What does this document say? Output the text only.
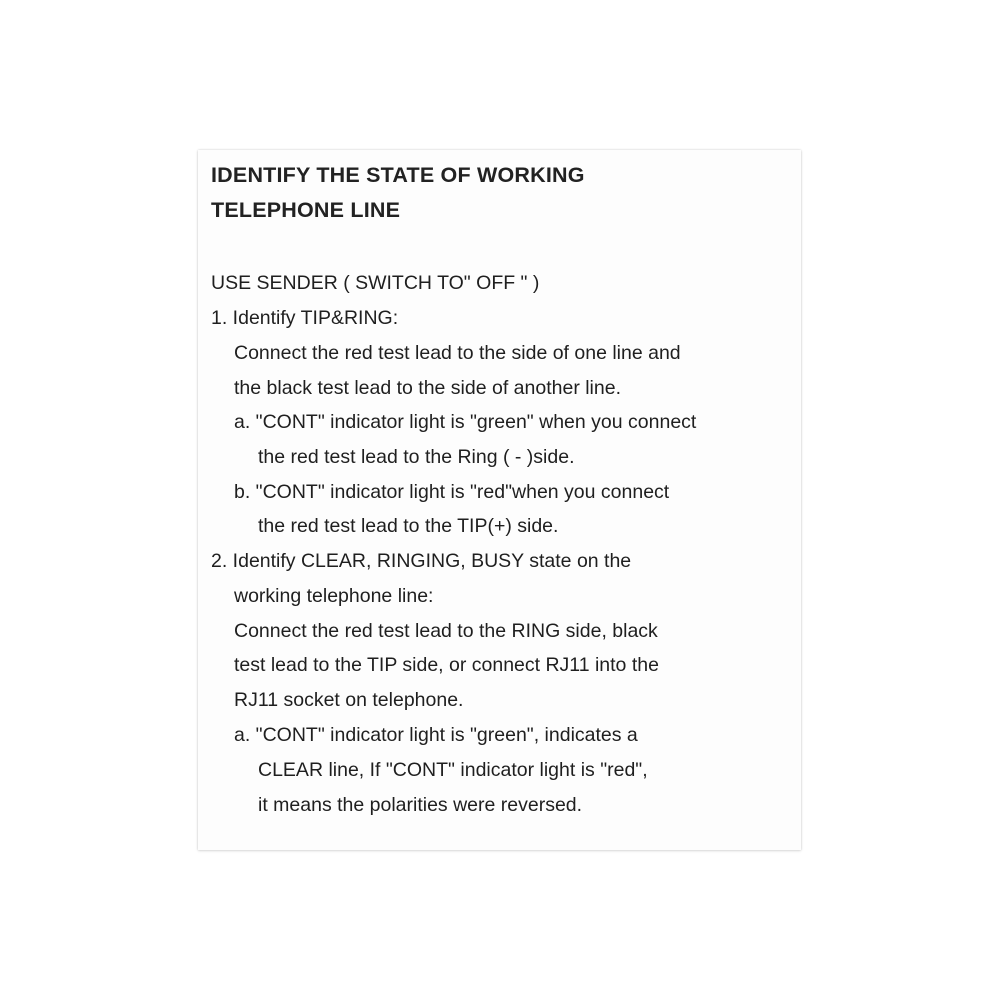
IDENTIFY THE STATE OF WORKING
TELEPHONE LINE
USE SENDER ( SWITCH TO" OFF " )
1. Identify TIP&RING:
Connect the red test lead to the side of one line and
the black test lead to the side of another line.
a. "CONT" indicator light is "green" when you connect
the red test lead to the Ring ( - )side.
b. "CONT" indicator light is "red"when you connect
the red test lead to the TIP(+) side.
2. Identify CLEAR, RINGING, BUSY state on the
working telephone line:
Connect the red test lead to the RING side, black
test lead to the TIP side, or connect RJ11 into the
RJ11 socket on telephone.
a. "CONT" indicator light is "green", indicates a
CLEAR line, If "CONT" indicator light is "red",
it means the polarities were reversed.
